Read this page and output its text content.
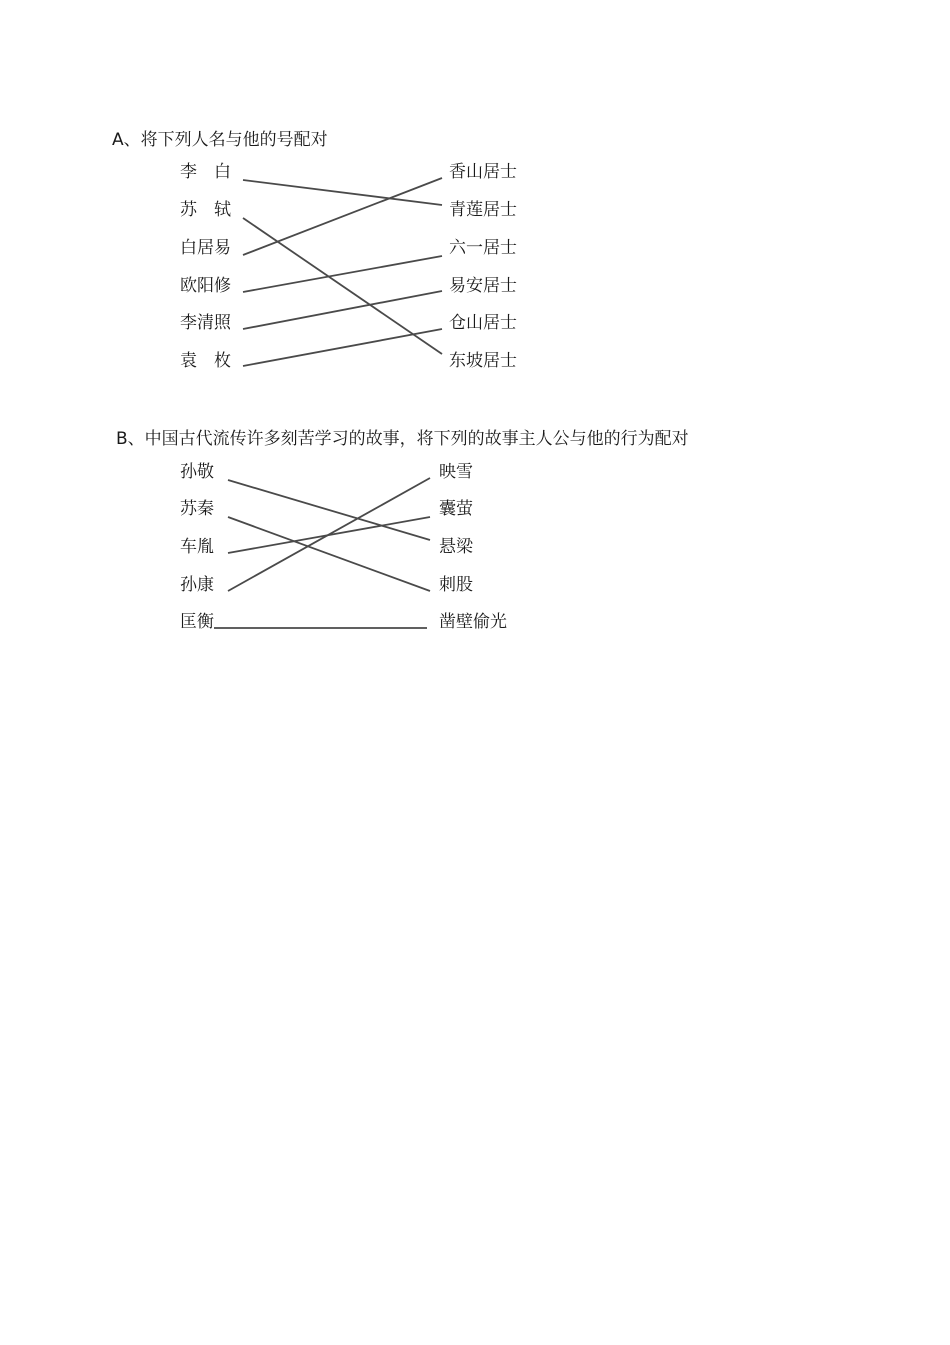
A、将下列人名与他的号配对
李　白
苏　轼
白居易
欧阳修
李清照
袁　枚
香山居士
青莲居士
六一居士
易安居士
仓山居士
东坡居士
B、中国古代流传许多刻苦学习的故事，将下列的故事主人公与他的行为配对
孙敬
苏秦
车胤
孙康
匡衡
映雪
囊萤
悬梁
刺股
凿壁偷光
